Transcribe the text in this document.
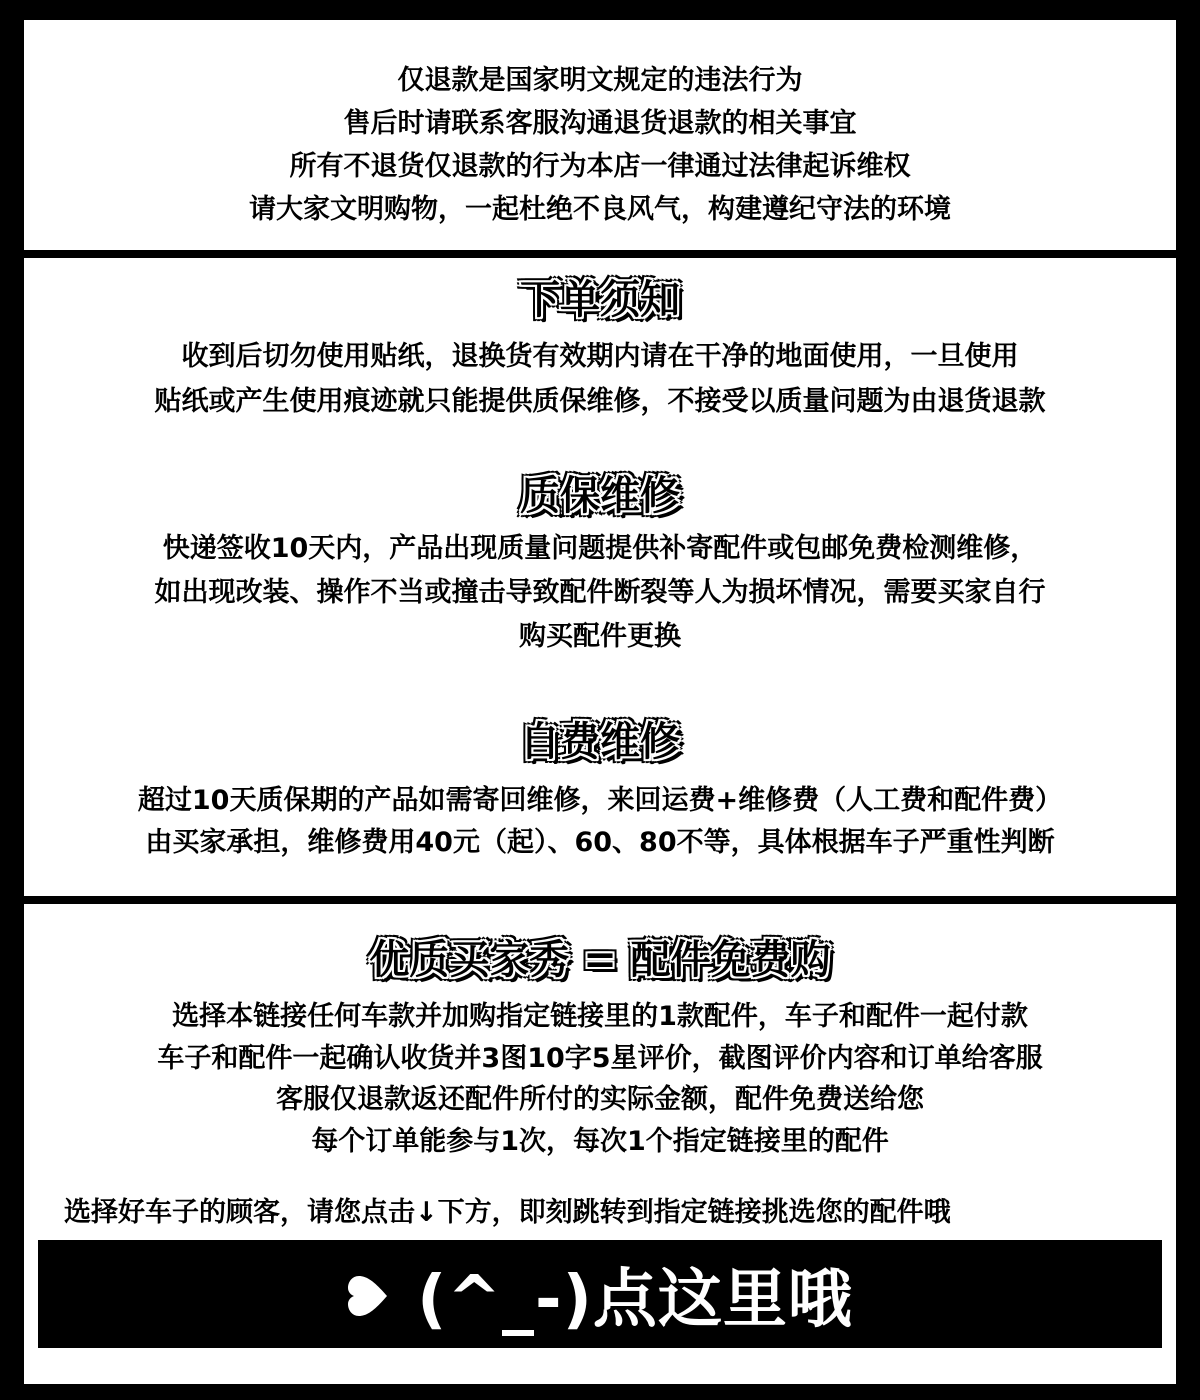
仅退款是国家明文规定的违法行为
售后时请联系客服沟通退货退款的相关事宜
所有不退货仅退款的行为本店一律通过法律起诉维权
请大家文明购物，一起杜绝不良风气，构建遵纪守法的环境
下单须知
收到后切勿使用贴纸，退换货有效期内请在干净的地面使用，一旦使用
贴纸或产生使用痕迹就只能提供质保维修，不接受以质量问题为由退货退款
质保维修
快递签收10天内，产品出现质量问题提供补寄配件或包邮免费检测维修，
如出现改装、操作不当或撞击导致配件断裂等人为损坏情况，需要买家自行
购买配件更换
自费维修
超过10天质保期的产品如需寄回维修，来回运费+维修费（人工费和配件费）
由买家承担，维修费用40元（起）、60、80不等，具体根据车子严重性判断
优质买家秀 = 配件免费购
选择本链接任何车款并加购指定链接里的1款配件，车子和配件一起付款
车子和配件一起确认收货并3图10字5星评价，截图评价内容和订单给客服
客服仅退款返还配件所付的实际金额，配件免费送给您
每个订单能参与1次，每次1个指定链接里的配件
选择好车子的顾客，请您点击↓下方，即刻跳转到指定链接挑选您的配件哦
(^_-)点这里哦
